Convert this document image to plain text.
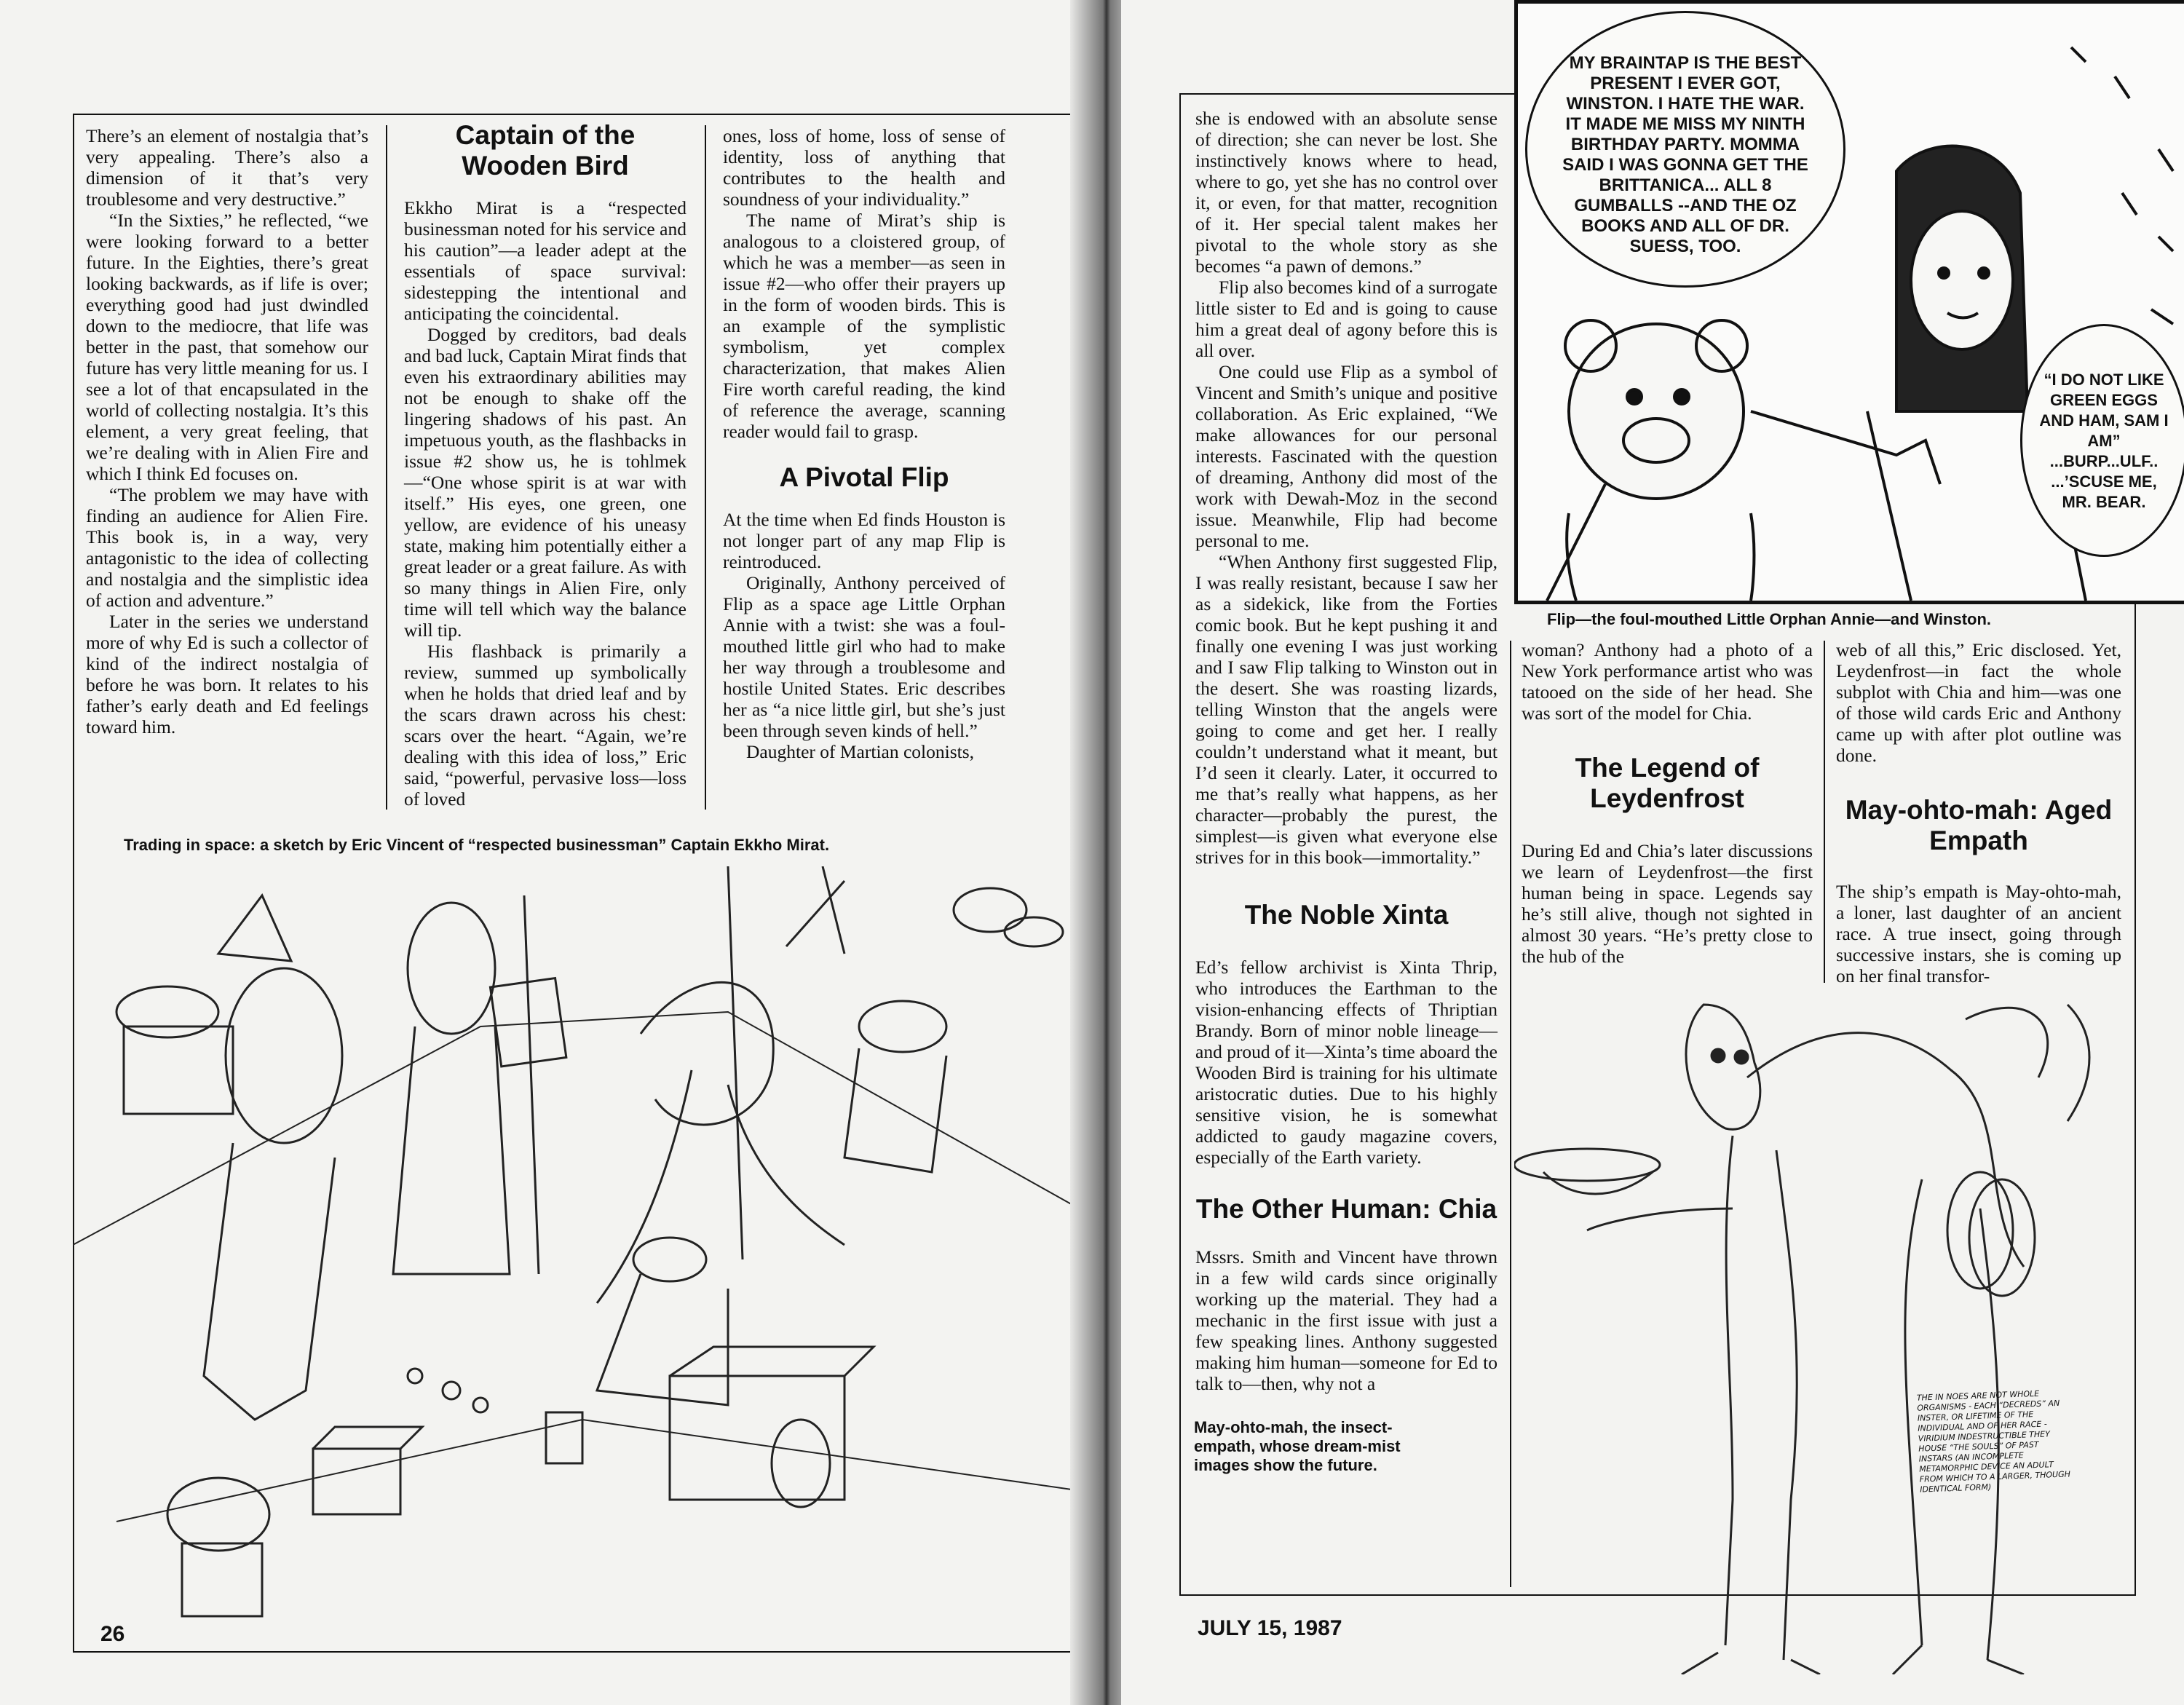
There’s an element of nostalgia that’s very appealing. There’s also a dimension of it that’s very troublesome and very destructive.”

“In the Sixties,” he reflected, “we were looking forward to a better future. In the Eighties, there’s great looking backwards, as if life is over; everything good had just dwindled down to the mediocre, that life was better in the past, that somehow our future has very little meaning for us. I see a lot of that encapsulated in the world of collecting nostalgia. It’s this element, a very great feeling, that we’re dealing with in Alien Fire and which I think Ed focuses on.

“The problem we may have with finding an audience for Alien Fire. This book is, in a way, very antagonistic to the idea of collecting and nostalgia and the simplistic idea of action and adventure.”

Later in the series we understand more of why Ed is such a collector of kind of the indirect nostalgia of before he was born. It relates to his father’s early death and Ed feelings toward him.

Captain of the Wooden Bird

Ekkho Mirat is a “respected businessman noted for his service and his caution”—a leader adept at the essentials of space survival: sidestepping the intentional and anticipating the coincidental.

Dogged by creditors, bad deals and bad luck, Captain Mirat finds that even his extraordinary abilities may not be enough to shake off the lingering shadows of his past. An impetuous youth, as the flashbacks in issue #2 show us, he is tohlmek—“One whose spirit is at war with itself.” His eyes, one green, one yellow, are evidence of his uneasy state, making him potentially either a great leader or a great failure. As with so many things in Alien Fire, only time will tell which way the balance will tip.

His flashback is primarily a review, summed up symbolically when he holds that dried leaf and by the scars drawn across his chest: scars over the heart. “Again, we’re dealing with this idea of loss,” Eric said, “powerful, pervasive loss—loss of loved

ones, loss of home, loss of sense of identity, loss of anything that contributes to the health and soundness of your individuality.”

The name of Mirat’s ship is analogous to a cloistered group, of which he was a member—as seen in issue #2—who offer their prayers up in the form of wooden birds. This is an example of the symplistic symbolism, yet complex characterization, that makes Alien Fire worth careful reading, the kind of reference the average, scanning reader would fail to grasp.

A Pivotal Flip

At the time when Ed finds Houston is not longer part of any map Flip is reintroduced.

Originally, Anthony perceived of Flip as a space age Little Orphan Annie with a twist: she was a foul-mouthed little girl who had to make her way through a troublesome and hostile United States. Eric describes her as “a nice little girl, but she’s just been through seven kinds of hell.”

Daughter of Martian colonists,

Trading in space: a sketch by Eric Vincent of “respected businessman” Captain Ekkho Mirat.
26
MY BRAINTAP IS THE BEST PRESENT I EVER GOT, WINSTON. I HATE THE WAR. IT MADE ME MISS MY NINTH BIRTHDAY PARTY. MOMMA SAID I WAS GONNA GET THE BRITTANICA... ALL 8 GUMBALLS --AND THE OZ BOOKS AND ALL OF DR. SUESS, TOO.
“I DO NOT LIKE GREEN EGGS AND HAM, SAM I AM” ...BURP...ULF.. ...’SCUSE ME, MR. BEAR.
Flip—the foul-mouthed Little Orphan Annie—and Winston.

she is endowed with an absolute sense of direction; she can never be lost. She instinctively knows where to head, where to go, yet she has no control over it, or even, for that matter, recognition of it. Her special talent makes her pivotal to the whole story as she becomes “a pawn of demons.”

Flip also becomes kind of a surrogate little sister to Ed and is going to cause him a great deal of agony before this is all over.

One could use Flip as a symbol of Vincent and Smith’s unique and positive collaboration. As Eric explained, “We make allowances for our personal interests. Fascinated with the question of dreaming, Anthony did most of the work with Dewah-Moz in the second issue. Meanwhile, Flip had become personal to me.

“When Anthony first suggested Flip, I was really resistant, because I saw her as a sidekick, like from the Forties comic book. But he kept pushing it and finally one evening I was just working and I saw Flip talking to Winston out in the desert. She was roasting lizards, telling Winston that the angels were going to come and get her. I really couldn’t understand what it meant, but I’d seen it clearly. Later, it occurred to me that’s really what happens, as her character—probably the purest, the simplest—is given what everyone else strives for in this book—immortality.”

The Noble Xinta

Ed’s fellow archivist is Xinta Thrip, who introduces the Earthman to the vision-enhancing effects of Thriptian Brandy. Born of minor noble lineage—and proud of it—Xinta’s time aboard the Wooden Bird is training for his ultimate aristocratic duties. Due to his highly sensitive vision, he is somewhat addicted to gaudy magazine covers, especially of the Earth variety.

The Other Human: Chia

Mssrs. Smith and Vincent have thrown in a few wild cards since originally working up the material. They had a mechanic in the first issue with just a few speaking lines. Anthony suggested making him human—someone for Ed to talk to—then, why not a

woman? Anthony had a photo of a New York performance artist who was tatooed on the side of her head. She was sort of the model for Chia.

The Legend of Leydenfrost

During Ed and Chia’s later discussions we learn of Leydenfrost—the first human being in space. Legends say he’s still alive, though not sighted in almost 30 years. “He’s pretty close to the hub of the

web of all this,” Eric disclosed. Yet, Leydenfrost—in fact the whole subplot with Chia and him—was one of those wild cards Eric and Anthony came up with after plot outline was done.

May-ohto-mah: Aged Empath

The ship’s empath is May-ohto-mah, a loner, last daughter of an ancient race. A true insect, going through successive instars, she is coming up on her final transfor-

May-ohto-mah, the insect-empath, whose dream-mist images show the future.
THE IN NOES ARE NOT WHOLE ORGANISMS - EACH “DECREDS” AN INSTER, OR LIFETIME OF THE INDIVIDUAL AND OF HER RACE - VIRIDIUM INDESTRUCTIBLE THEY HOUSE “THE SOULS” OF PAST INSTARS (AN INCOMPLETE METAMORPHIC DEVICE AN ADULT FROM WHICH TO A LARGER, THOUGH IDENTICAL FORM)
JULY 15, 1987
